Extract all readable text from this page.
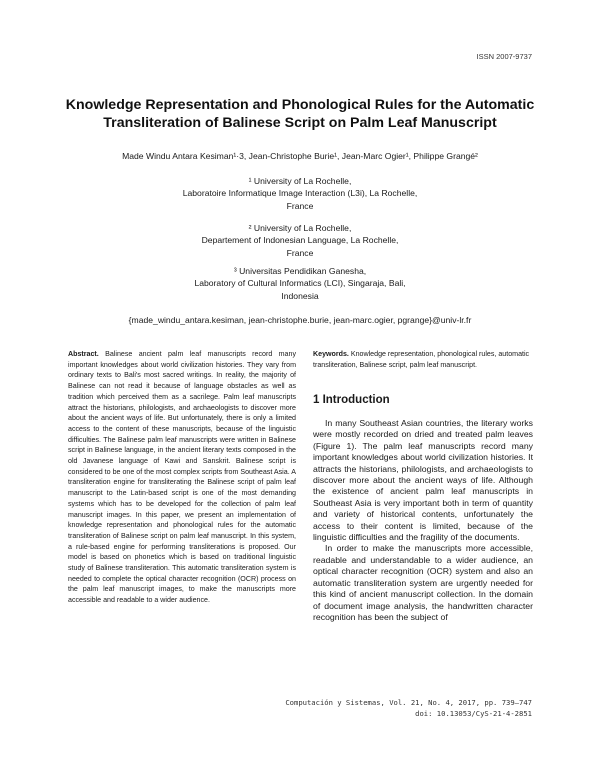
ISSN 2007-9737
Knowledge Representation and Phonological Rules for the Automatic Transliteration of Balinese Script on Palm Leaf Manuscript
Made Windu Antara Kesiman¹·3, Jean-Christophe Burie¹, Jean-Marc Ogier¹, Philippe Grangé²
¹ University of La Rochelle,
Laboratoire Informatique Image Interaction (L3i), La Rochelle,
France
² University of La Rochelle,
Departement of Indonesian Language, La Rochelle,
France
³ Universitas Pendidikan Ganesha,
Laboratory of Cultural Informatics (LCI), Singaraja, Bali,
Indonesia
{made_windu_antara.kesiman, jean-christophe.burie, jean-marc.ogier, pgrange}@univ-lr.fr
Abstract. Balinese ancient palm leaf manuscripts record many important knowledges about world civilization histories. They vary from ordinary texts to Bali's most sacred writings. In reality, the majority of Balinese can not read it because of language obstacles as well as tradition which perceived them as a sacrilege. Palm leaf manuscripts attract the historians, philologists, and archaeologists to discover more about the ancient ways of life. But unfortunately, there is only a limited access to the content of these manuscripts, because of the linguistic difficulties. The Balinese palm leaf manuscripts were written in Balinese script in Balinese language, in the ancient literary texts composed in the old Javanese language of Kawi and Sanskrit. Balinese script is considered to be one of the most complex scripts from Southeast Asia. A transliteration engine for transliterating the Balinese script of palm leaf manuscript to the Latin-based script is one of the most demanding systems which has to be developed for the collection of palm leaf manuscript images. In this paper, we present an implementation of knowledge representation and phonological rules for the automatic transliteration of Balinese script on palm leaf manuscript. In this system, a rule-based engine for performing transliterations is proposed. Our model is based on phonetics which is based on traditional linguistic study of Balinese transliteration. This automatic transliteration system is needed to complete the optical character recognition (OCR) process on the palm leaf manuscript images, to make the manuscripts more accessible and readable to a wider audience.
Keywords. Knowledge representation, phonological rules, automatic transliteration, Balinese script, palm leaf manuscript.
1 Introduction

In many Southeast Asian countries, the literary works were mostly recorded on dried and treated palm leaves (Figure 1). The palm leaf manuscripts record many important knowledges about world civilization histories. It attracts the historians, philologists, and archaeologists to discover more about the ancient ways of life. Although the existence of ancient palm leaf manuscripts in Southeast Asia is very important both in term of quantity and variety of historical contents, unfortunately the access to their content is limited, because of the linguistic difficulties and the fragility of the documents.

In order to make the manuscripts more accessible, readable and understandable to a wider audience, an optical character recognition (OCR) system and also an automatic transliteration system are urgently needed for this kind of ancient manuscript collection. In the domain of document image analysis, the handwritten character recognition has been the subject of

Computación y Sistemas, Vol. 21, No. 4, 2017, pp. 739–747
doi: 10.13053/CyS-21-4-2851
